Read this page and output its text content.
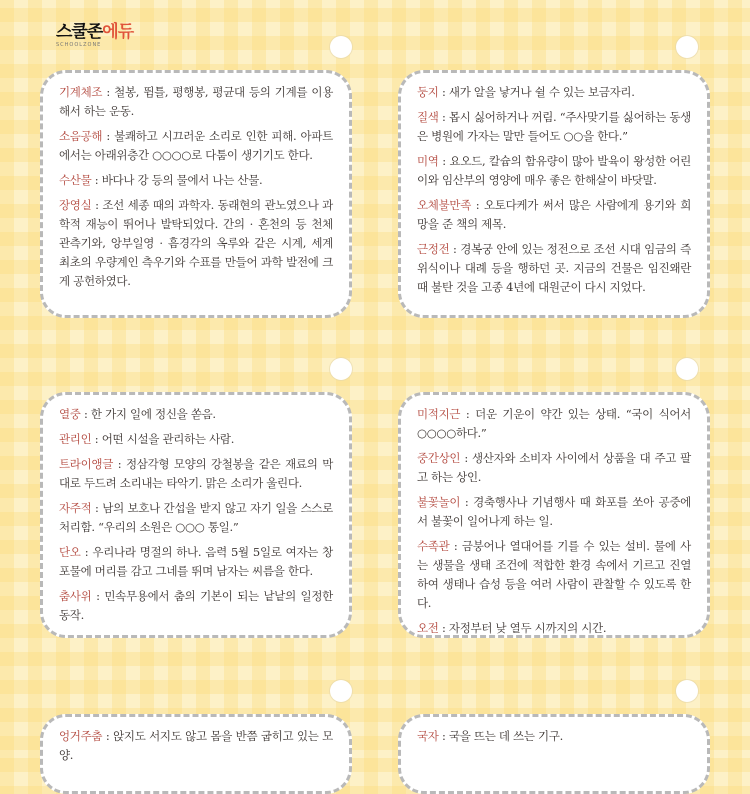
스쿨존에듀
SCHOOLZONE
기계체조 : 철봉, 뜀틀, 평행봉, 평균대 등의 기계를 이용해서 하는 운동.
소음공해 : 불쾌하고 시끄러운 소리로 인한 피해. 아파트에서는 아래위층간 ○○○○로 다툼이 생기기도 한다.
수산물 : 바다나 강 등의 물에서 나는 산물.
장영실 : 조선 세종 때의 과학자. 동래현의 관노였으나 과학적 재능이 뛰어나 발탁되었다. 간의 · 혼천의 등 천체 관측기와, 앙부일영 · 흠경각의 옥루와 같은 시계, 세계 최초의 우량계인 측우기와 수표를 만들어 과학 발전에 크게 공헌하였다.
둥지 : 새가 알을 낳거나 쉴 수 있는 보금자리.
질색 : 몹시 싫어하거나 꺼림. “주사맞기를 싫어하는 동생은 병원에 가자는 말만 들어도 ○○을 한다.”
미역 : 요오드, 칼슘의 함유량이 많아 발육이 왕성한 어린이와 임산부의 영양에 매우 좋은 한해살이 바닷말.
오체불만족 : 오토다케가 써서 많은 사람에게 용기와 희망을 준 책의 제목.
근정전 : 경복궁 안에 있는 정전으로 조선 시대 임금의 즉위식이나 대례 등을 행하던 곳. 지금의 건물은 임진왜란 때 불탄 것을 고종 4년에 대원군이 다시 지었다.
열중 : 한 가지 일에 정신을 쏟음.
관리인 : 어떤 시설을 관리하는 사람.
트라이앵글 : 정삼각형 모양의 강철봉을 같은 재료의 막대로 두드려 소리내는 타악기. 맑은 소리가 울린다.
자주적 : 남의 보호나 간섭을 받지 않고 자기 일을 스스로 처리함. “우리의 소원은 ○○○ 통일.”
단오 : 우리나라 명절의 하나. 음력 5월 5일로 여자는 창포물에 머리를 감고 그네를 뛰며 남자는 씨름을 한다.
춤사위 : 민속무용에서 춤의 기본이 되는 낱낱의 일정한 동작.
미적지근 : 더운 기운이 약간 있는 상태. “국이 식어서 ○○○○하다.”
중간상인 : 생산자와 소비자 사이에서 상품을 대 주고 팔고 하는 상인.
불꽃놀이 : 경축행사나 기념행사 때 화포를 쏘아 공중에서 불꽃이 일어나게 하는 일.
수족관 : 금붕어나 열대어를 기를 수 있는 설비. 물에 사는 생물을 생태 조건에 적합한 환경 속에서 기르고 진열하여 생태나 습성 등을 여러 사람이 관찰할 수 있도록 한다.
오전 : 자정부터 낮 열두 시까지의 시간.
엉거주춤 : 앉지도 서지도 않고 몸을 반쯤 굽히고 있는 모양.
국자 : 국을 뜨는 데 쓰는 기구.
